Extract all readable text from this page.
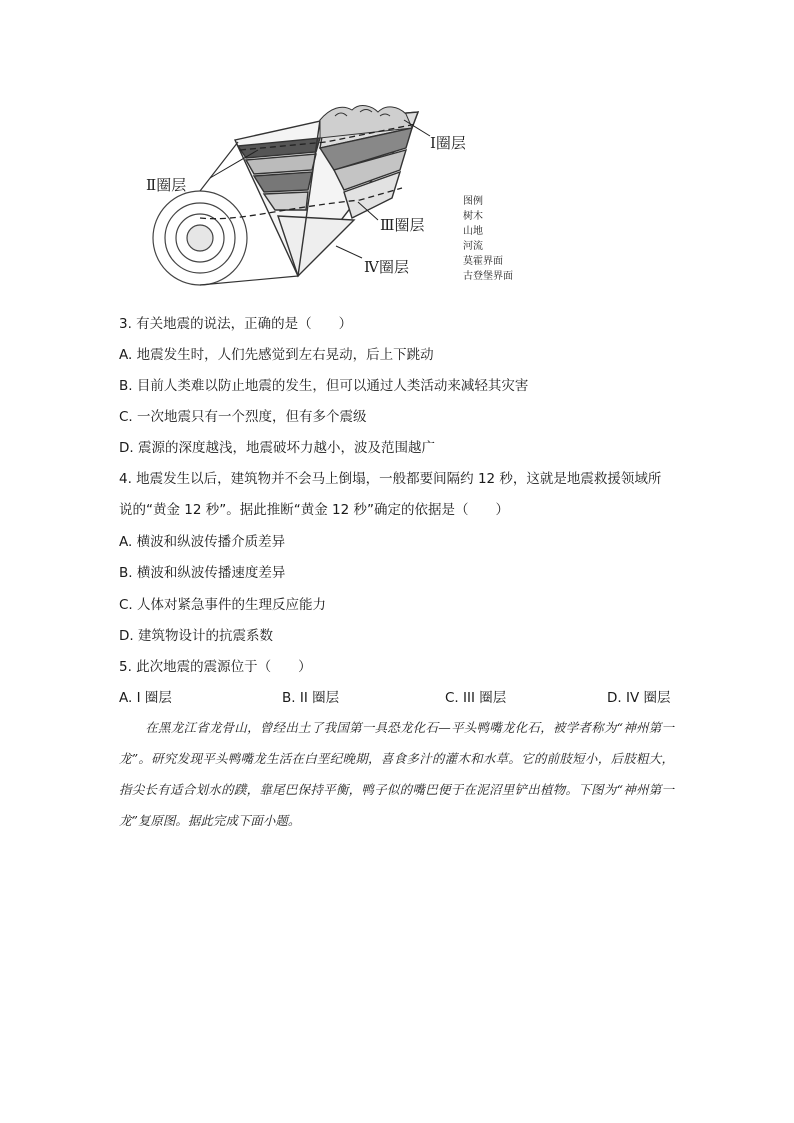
Ⅱ圈层
Ⅰ圈层
Ⅲ圈层
Ⅳ圈层
图例
树木
山地
河流
莫霍界面
古登堡界面
3. 有关地震的说法，正确的是（　　）
A. 地震发生时，人们先感觉到左右晃动，后上下跳动
B. 目前人类难以防止地震的发生，但可以通过人类活动来减轻其灾害
C. 一次地震只有一个烈度，但有多个震级
D. 震源的深度越浅，地震破坏力越小，波及范围越广
4. 地震发生以后，建筑物并不会马上倒塌，一般都要间隔约 12 秒，这就是地震救援领域所
说的“黄金 12 秒”。据此推断“黄金 12 秒”确定的依据是（　　）
A. 横波和纵波传播介质差异
B. 横波和纵波传播速度差异
C. 人体对紧急事件的生理反应能力
D. 建筑物设计的抗震系数
5. 此次地震的震源位于（　　）
A. I 圈层	B. II 圈层	C. III 圈层	D. IV 圈层
在黑龙江省龙骨山，曾经出土了我国第一具恐龙化石—平头鸭嘴龙化石，被学者称为“神州第一龙”。研究发现平头鸭嘴龙生活在白垩纪晚期，喜食多汁的灌木和水草。它的前肢短小，后肢粗大，指尖长有适合划水的蹼，靠尾巴保持平衡，鸭子似的嘴巴便于在泥沼里铲出植物。下图为“神州第一龙”复原图。据此完成下面小题。
